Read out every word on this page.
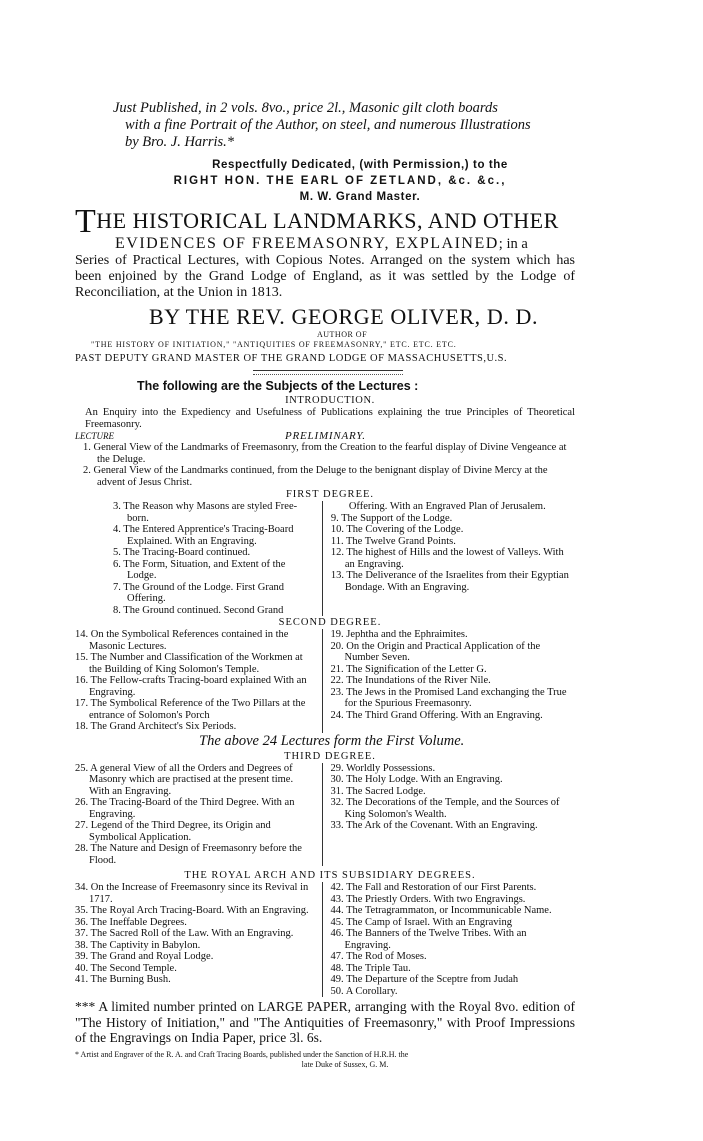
Just Published, in 2 vols. 8vo., price 2l., Masonic gilt cloth boards
with a fine Portrait of the Author, on steel, and numerous Illustrations
by Bro. J. Harris.*
Respectfully Dedicated, (with Permission,) to the
RIGHT HON. THE EARL OF ZETLAND, &c. &c.,
M. W. Grand Master.
THE HISTORICAL LANDMARKS, AND OTHER
EVIDENCES OF FREEMASONRY, EXPLAINED; in a
Series of Practical Lectures, with Copious Notes. Arranged on the system which has been enjoined by the Grand Lodge of England, as it was settled by the Lodge of Reconciliation, at the Union in 1813.
BY THE REV. GEORGE OLIVER, D. D.
AUTHOR OF
"THE HISTORY OF INITIATION," "ANTIQUITIES OF FREEMASONRY," ETC. ETC. ETC.
PAST DEPUTY GRAND MASTER OF THE GRAND LODGE OF MASSACHUSETTS,U.S.
The following are the Subjects of the Lectures :
INTRODUCTION.
An Enquiry into the Expediency and Usefulness of Publications explaining the true Principles of Theoretical Freemasonry.
LECTURE	PRELIMINARY.
1. General View of the Landmarks of Freemasonry, from the Creation to the fearful display of Divine Vengeance at the Deluge.
2. General View of the Landmarks continued, from the Deluge to the benignant display of Divine Mercy at the advent of Jesus Christ.
FIRST DEGREE.
3. The Reason why Masons are styled Free-born.
4. The Entered Apprentice's Tracing-Board Explained. With an Engraving.
5. The Tracing-Board continued.
6. The Form, Situation, and Extent of the Lodge.
7. The Ground of the Lodge. First Grand Offering.
8. The Ground continued. Second Grand
Offering. With an Engraved Plan of Jerusalem.
9. The Support of the Lodge.
10. The Covering of the Lodge.
11. The Twelve Grand Points.
12. The highest of Hills and the lowest of Valleys. With an Engraving.
13. The Deliverance of the Israelites from their Egyptian Bondage. With an Engraving.
SECOND DEGREE.
14. On the Symbolical References contained in the Masonic Lectures.
15. The Number and Classification of the Workmen at the Building of King Solomon's Temple.
16. The Fellow-crafts Tracing-board explained With an Engraving.
17. The Symbolical Reference of the Two Pillars at the entrance of Solomon's Porch
18. The Grand Architect's Six Periods.
19. Jephtha and the Ephraimites.
20. On the Origin and Practical Application of the Number Seven.
21. The Signification of the Letter G.
22. The Inundations of the River Nile.
23. The Jews in the Promised Land exchanging the True for the Spurious Freemasonry.
24. The Third Grand Offering. With an Engraving.
The above 24 Lectures form the First Volume.
THIRD DEGREE.
25. A general View of all the Orders and Degrees of Masonry which are practised at the present time. With an Engraving.
26. The Tracing-Board of the Third Degree. With an Engraving.
27. Legend of the Third Degree, its Origin and Symbolical Application.
28. The Nature and Design of Freemasonry before the Flood.
29. Worldly Possessions.
30. The Holy Lodge. With an Engraving.
31. The Sacred Lodge.
32. The Decorations of the Temple, and the Sources of King Solomon's Wealth.
33. The Ark of the Covenant. With an Engraving.
THE ROYAL ARCH AND ITS SUBSIDIARY DEGREES.
34. On the Increase of Freemasonry since its Revival in 1717.
35. The Royal Arch Tracing-Board. With an Engraving.
36. The Ineffable Degrees.
37. The Sacred Roll of the Law. With an Engraving.
38. The Captivity in Babylon.
39. The Grand and Royal Lodge.
40. The Second Temple.
41. The Burning Bush.
42. The Fall and Restoration of our First Parents.
43. The Priestly Orders. With two Engravings.
44. The Tetragrammaton, or Incommunicable Name.
45. The Camp of Israel. With an Engraving
46. The Banners of the Twelve Tribes. With an Engraving.
47. The Rod of Moses.
48. The Triple Tau.
49. The Departure of the Sceptre from Judah
50. A Corollary.
*** A limited number printed on LARGE PAPER, arranging with the Royal 8vo. edition of "The History of Initiation," and "The Antiquities of Freemasonry," with Proof Impressions of the Engravings on India Paper, price 3l. 6s.
* Artist and Engraver of the R. A. and Craft Tracing Boards, published under the Sanction of H.R.H. the
late Duke of Sussex, G. M.
